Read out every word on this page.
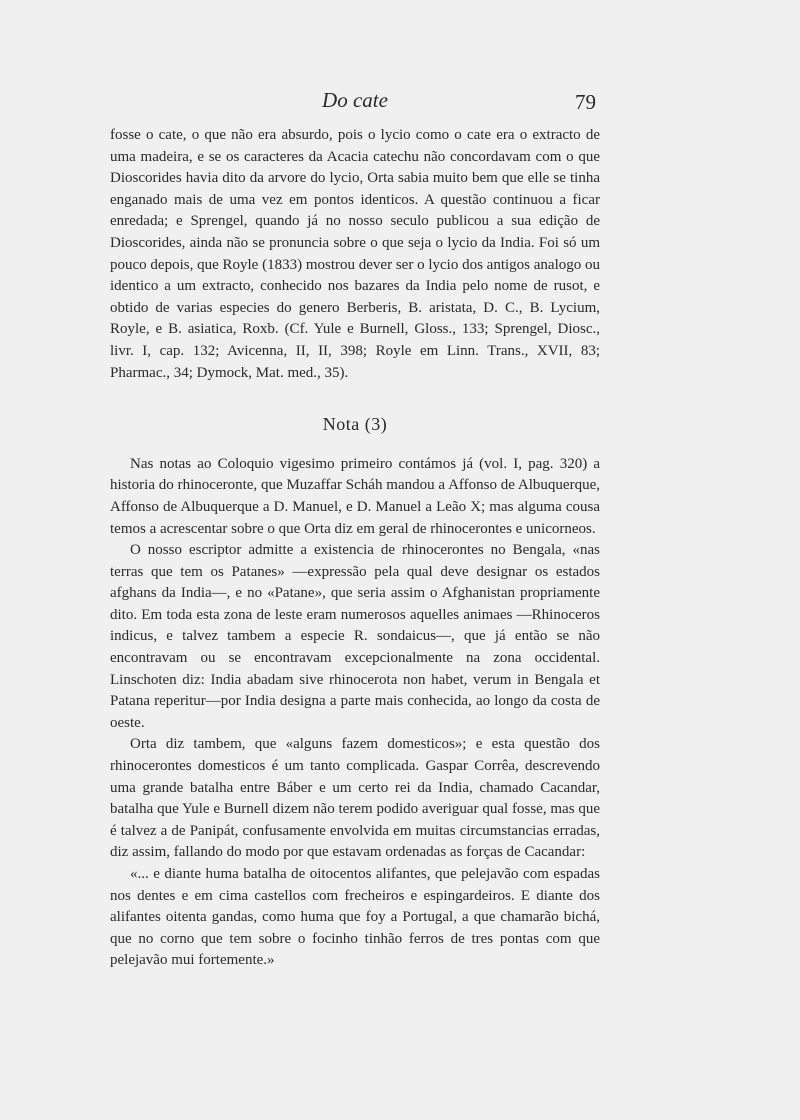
Do cate	79

fosse o cate, o que não era absurdo, pois o lycio como o cate era o extracto de uma madeira, e se os caracteres da Acacia catechu não concordavam com o que Dioscorides havia dito da arvore do lycio, Orta sabia muito bem que elle se tinha enganado mais de uma vez em pontos identicos. A questão continuou a ficar enredada; e Sprengel, quando já no nosso seculo publicou a sua edição de Dioscorides, ainda não se pronuncia sobre o que seja o lycio da India. Foi só um pouco depois, que Royle (1833) mostrou dever ser o lycio dos antigos analogo ou identico a um extracto, conhecido nos bazares da India pelo nome de rusot, e obtido de varias especies do genero Berberis, B. aristata, D. C., B. Lycium, Royle, e B. asiatica, Roxb. (Cf. Yule e Burnell, Gloss., 133; Sprengel, Diosc., livr. I, cap. 132; Avicenna, II, II, 398; Royle em Linn. Trans., XVII, 83; Pharmac., 34; Dymock, Mat. med., 35).

Nota (3)

Nas notas ao Coloquio vigesimo primeiro contámos já (vol. I, pag. 320) a historia do rhinoceronte, que Muzaffar Scháh mandou a Affonso de Albuquerque, Affonso de Albuquerque a D. Manuel, e D. Manuel a Leão X; mas alguma cousa temos a acrescentar sobre o que Orta diz em geral de rhinocerontes e unicorneos.

O nosso escriptor admitte a existencia de rhinocerontes no Bengala, «nas terras que tem os Patanes» —expressão pela qual deve designar os estados afghans da India—, e no «Patane», que seria assim o Afghanistan propriamente dito. Em toda esta zona de leste eram numerosos aquelles animaes —Rhinoceros indicus, e talvez tambem a especie R. sondaicus—, que já então se não encontravam ou se encontravam excepcionalmente na zona occidental. Linschoten diz: India abadam sive rhinocerota non habet, verum in Bengala et Patana reperitur—por India designa a parte mais conhecida, ao longo da costa de oeste.

Orta diz tambem, que «alguns fazem domesticos»; e esta questão dos rhinocerontes domesticos é um tanto complicada. Gaspar Corrêa, descrevendo uma grande batalha entre Báber e um certo rei da India, chamado Cacandar, batalha que Yule e Burnell dizem não terem podido averiguar qual fosse, mas que é talvez a de Panipát, confusamente envolvida em muitas circumstancias erradas, diz assim, fallando do modo por que estavam ordenadas as forças de Cacandar:

«... e diante huma batalha de oitocentos alifantes, que pelejavão com espadas nos dentes e em cima castellos com frecheiros e espingardeiros. E diante dos alifantes oitenta gandas, como huma que foy a Portugal, a que chamarão bichá, que no corno que tem sobre o focinho tinhão ferros de tres pontas com que pelejavão mui fortemente.»
